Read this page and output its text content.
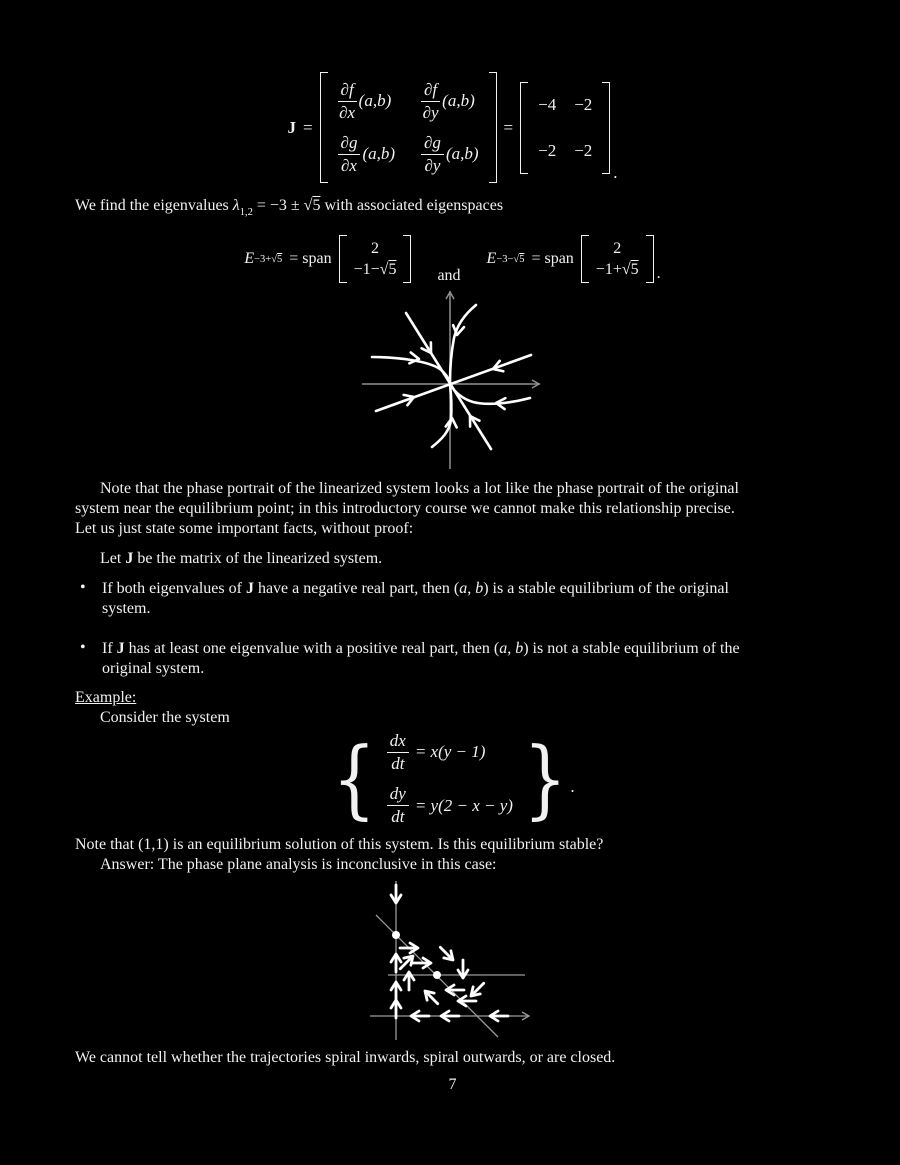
J =
$\frac{\partial f}{\partial x} (a,b) \frac{\partial f}{\partial y} (a,b)$
$\frac{\partial g}{\partial x} (a,b) \frac{\partial g}{\partial y} (a,b)$
=
−4 −2
−2 −2
.
We find the eigenvalues $\lambda_{1,2} = -3 \pm √5$ with associated eigenspaces
E −3+√5 = span
2
−1−√5	and
E −3−√5 = span
2
−1+√5 .
Note that the phase portrait of the linearized system looks a lot like the phase portrait of the original
system near the equilibrium point; in this introductory course we cannot make this relationship precise.
Let us just state some important facts, without proof:
Let J be the matrix of the linearized system.
•	If both eigenvalues of J have a negative real part, then (a, b) is a stable equilibrium of the original
system.
•	If J has at least one eigenvalue with a positive real part, then (a, b) is not a stable equilibrium of the
original system.
Example:
Consider the system
{ $\frac{dx}{dt} = x(y - 1)$
$\frac{dy}{dt} = y(2 - x - y)$ } .
Note that (1,1) is an equilibrium solution of this system. Is this equilibrium stable?
Answer: The phase plane analysis is inconclusive in this case:
We cannot tell whether the trajectories spiral inwards, spiral outwards, or are closed.
7
